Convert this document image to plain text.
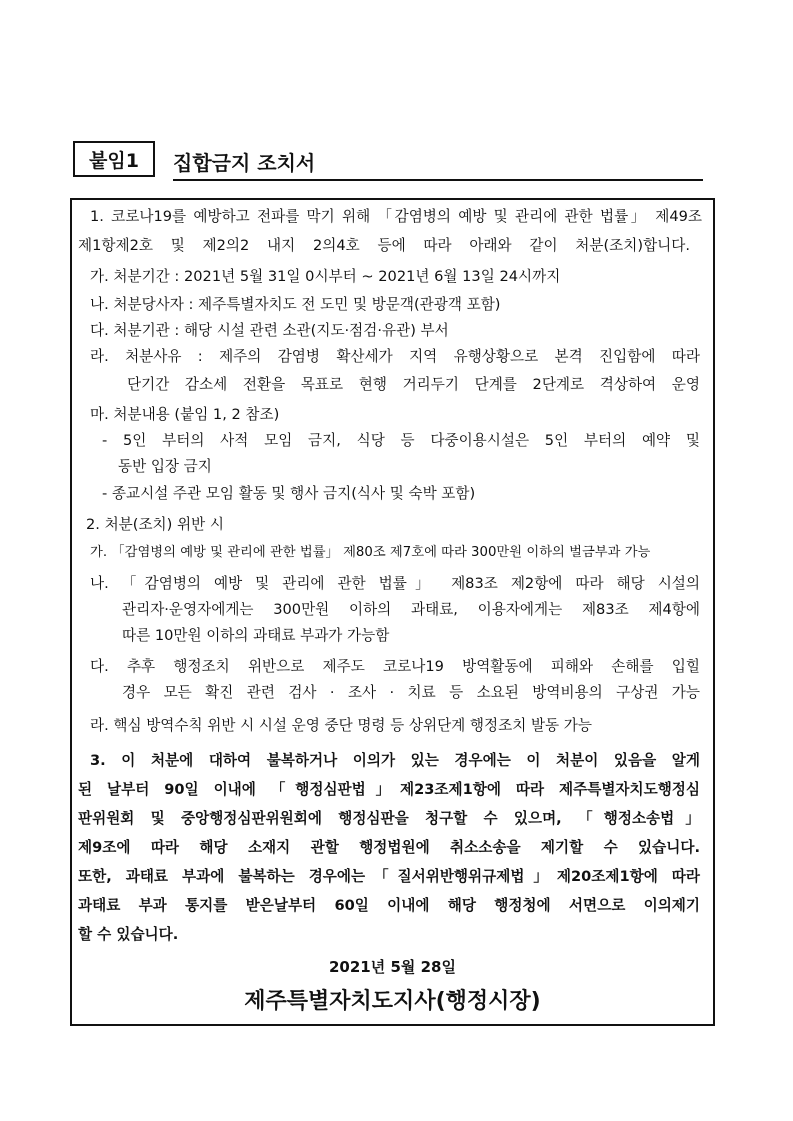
붙임1	집합금지 조치서
1. 코로나19를 예방하고 전파를 막기 위해 「감염병의 예방 및 관리에 관한 법률」 제49조
제1항제2호 및 제2의2 내지 2의4호 등에 따라 아래와 같이 처분(조치)합니다.
가. 처분기간 : 2021년 5월 31일 0시부터 ~ 2021년 6월 13일 24시까지
나. 처분당사자 : 제주특별자치도 전 도민 및 방문객(관광객 포함)
다. 처분기관 : 해당 시설 관련 소관(지도·점검·유관) 부서
라. 처분사유 : 제주의 감염병 확산세가 지역 유행상황으로 본격 진입함에 따라
단기간 감소세 전환을 목표로 현행 거리두기 단계를 2단계로 격상하여 운영
마. 처분내용 (붙임 1, 2 참조)
- 5인 부터의 사적 모임 금지, 식당 등 다중이용시설은 5인 부터의 예약 및
동반 입장 금지
- 종교시설 주관 모임 활동 및 행사 금지(식사 및 숙박 포함)
2. 처분(조치) 위반 시
가. 「감염병의 예방 및 관리에 관한 법률」 제80조 제7호에 따라 300만원 이하의 벌금부과 가능
나. 「감염병의 예방 및 관리에 관한 법률」 제83조 제2항에 따라 해당 시설의
관리자·운영자에게는 300만원 이하의 과태료, 이용자에게는 제83조 제4항에
따른 10만원 이하의 과태료 부과가 가능함
다. 추후 행정조치 위반으로 제주도 코로나19 방역활동에 피해와 손해를 입힐
경우 모든 확진 관련 검사 · 조사 · 치료 등 소요된 방역비용의 구상권 가능
라. 핵심 방역수칙 위반 시 시설 운영 중단 명령 등 상위단계 행정조치 발동 가능
3. 이 처분에 대하여 불복하거나 이의가 있는 경우에는 이 처분이 있음을 알게
된 날부터 90일 이내에 「행정심판법」제23조제1항에 따라 제주특별자치도행정심
판위원회 및 중앙행정심판위원회에 행정심판을 청구할 수 있으며, 「행정소송법」
제9조에 따라 해당 소재지 관할 행정법원에 취소소송을 제기할 수 있습니다.
또한, 과태료 부과에 불복하는 경우에는「질서위반행위규제법」제20조제1항에 따라
과태료 부과 통지를 받은날부터 60일 이내에 해당 행정청에 서면으로 이의제기
할 수 있습니다.
2021년 5월 28일
제주특별자치도지사(행정시장)
